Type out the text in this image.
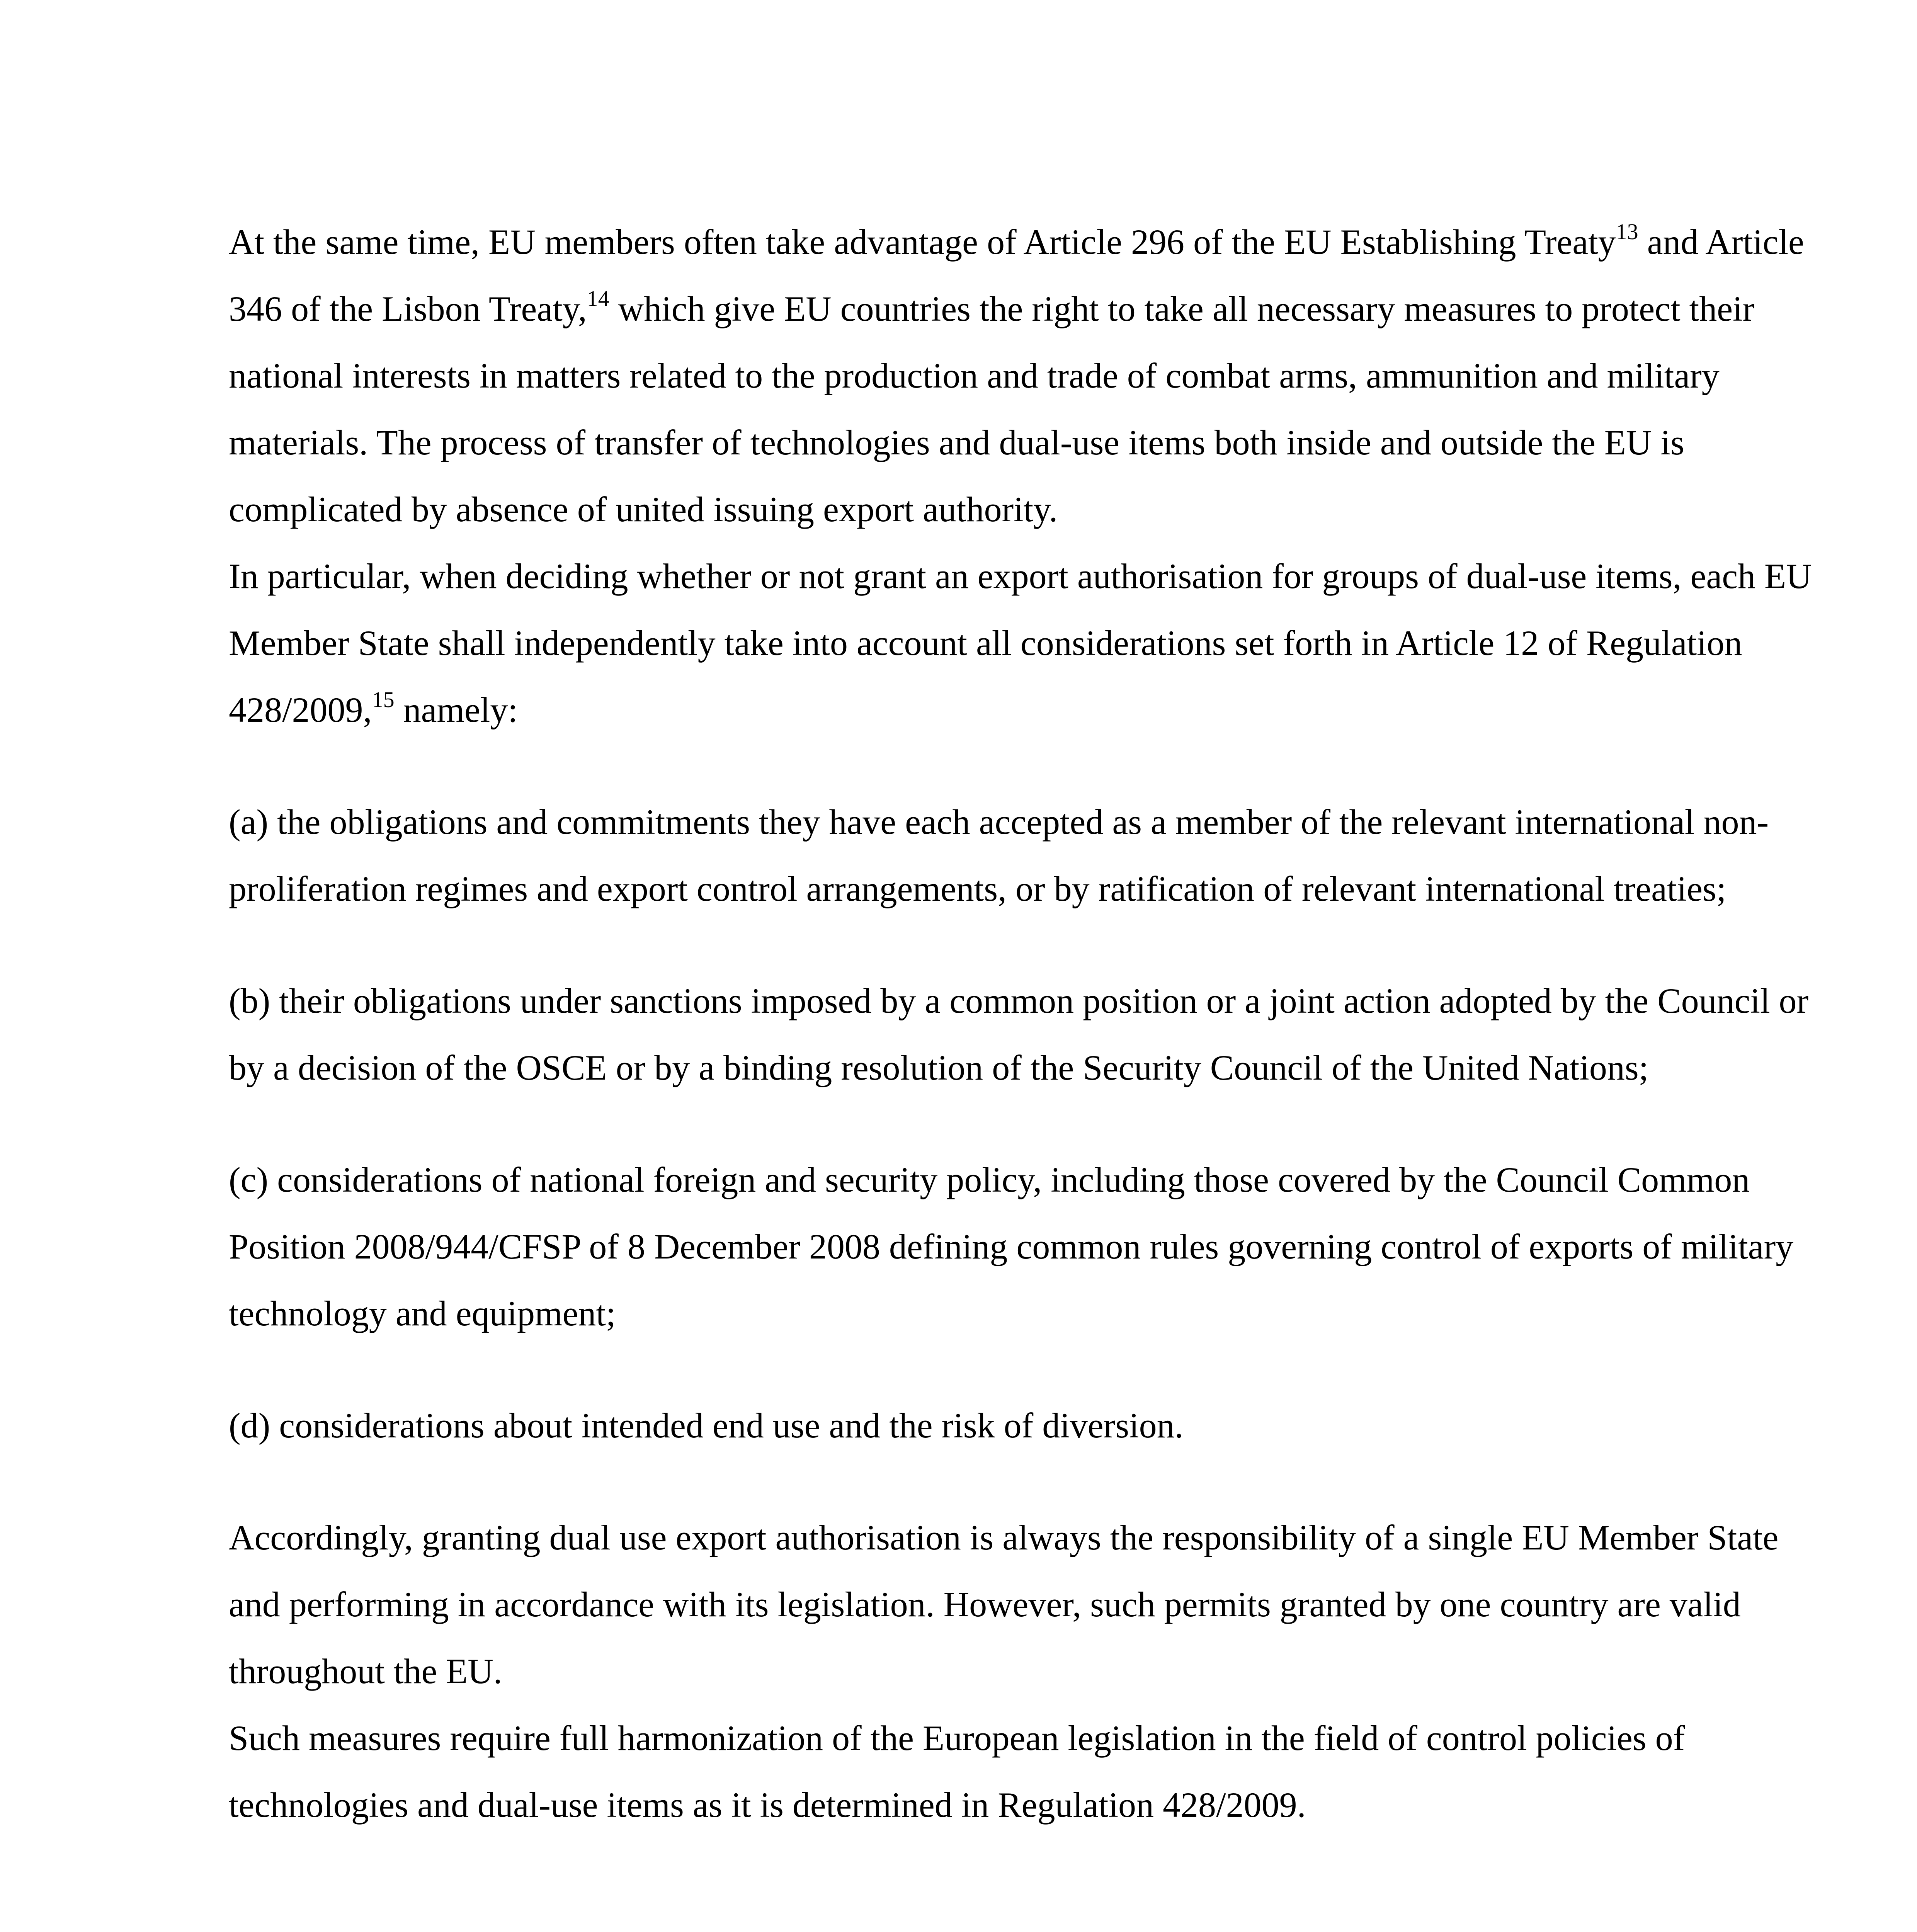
At the same time, EU members often take advantage of Article 296 of the EU Establishing Treaty$^{13}$ and Article 346 of the Lisbon Treaty,$^{14}$ which give EU countries the right to take all necessary measures to protect their national interests in matters related to the production and trade of combat arms, ammunition and military materials. The process of transfer of technologies and dual-use items both inside and outside the EU is complicated by absence of united issuing export authority.

In particular, when deciding whether or not grant an export authorisation for groups of dual-use items, each EU Member State shall independently take into account all considerations set forth in Article 12 of Regulation 428/2009,15 namely:

(a) the obligations and commitments they have each accepted as a member of the relevant international non-proliferation regimes and export control arrangements, or by ratification of relevant international treaties;

(b) their obligations under sanctions imposed by a common position or a joint action adopted by the Council or by a decision of the OSCE or by a binding resolution of the Security Council of the United Nations;

(c) considerations of national foreign and security policy, including those covered by the Council Common Position 2008/944/CFSP of 8 December 2008 defining common rules governing control of exports of military technology and equipment;

(d) considerations about intended end use and the risk of diversion.

Accordingly, granting dual use export authorisation is always the responsibility of a single EU Member State and performing in accordance with its legislation. However, such permits granted by one country are valid throughout the EU.

Such measures require full harmonization of the European legislation in the field of control policies of technologies and dual-use items as it is determined in Regulation 428/2009.
